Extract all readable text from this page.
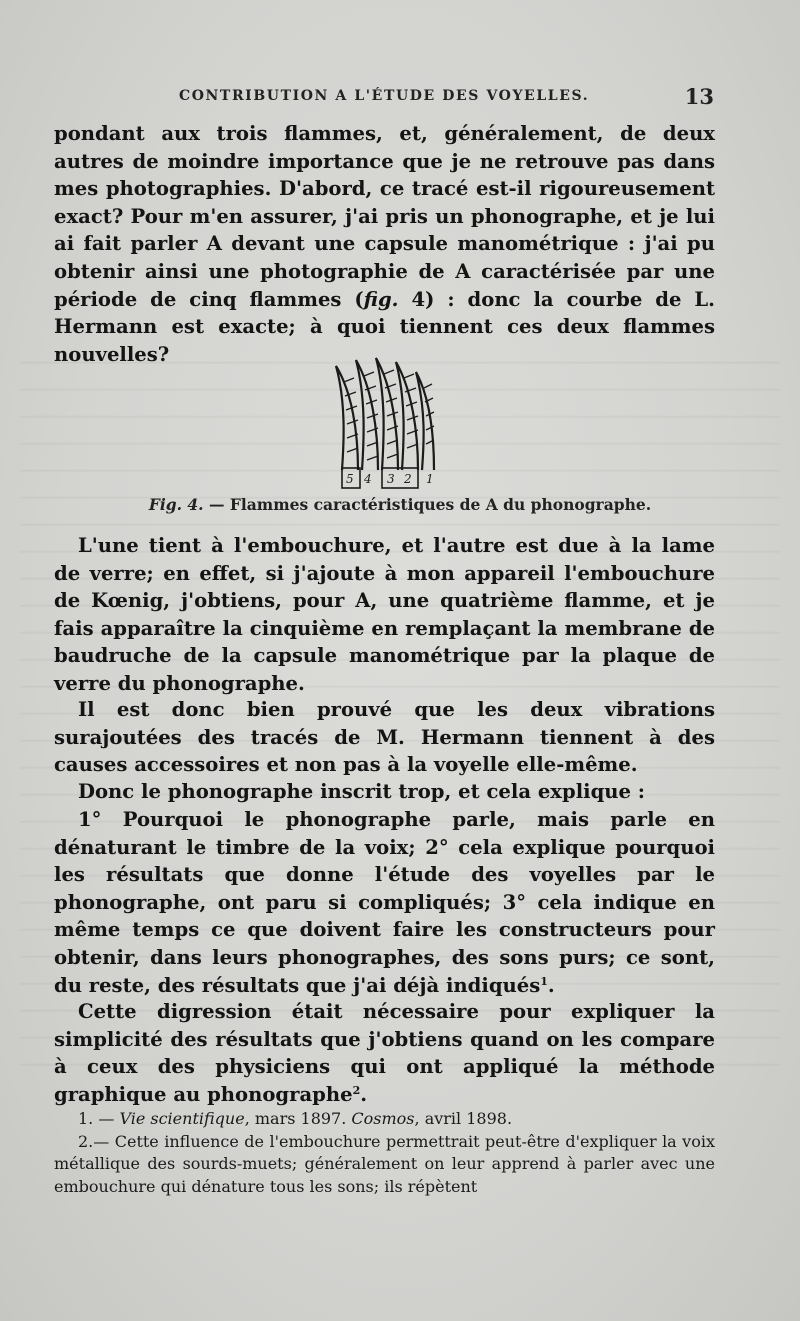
CONTRIBUTION A L'ÉTUDE DES VOYELLES.	13

pondant aux trois flammes, et, généralement, de deux autres de moindre importance que je ne retrouve pas dans mes photographies. D'abord, ce tracé est-il rigoureusement exact? Pour m'en assurer, j'ai pris un phonographe, et je lui ai fait parler A devant une capsule manométrique : j'ai pu obtenir ainsi une photographie de A caractérisée par une période de cinq flammes (fig. 4) : donc la courbe de L. Hermann est exacte; à quoi tiennent ces deux flammes nouvelles?

5 4 3 2 1
Fig. 4. — Flammes caractéristiques de A du phonographe.

L'une tient à l'embouchure, et l'autre est due à la lame de verre; en effet, si j'ajoute à mon appareil l'embouchure de Kœnig, j'obtiens, pour A, une quatrième flamme, et je fais apparaître la cinquième en remplaçant la membrane de baudruche de la capsule manométrique par la plaque de verre du phonographe.

Il est donc bien prouvé que les deux vibrations surajoutées des tracés de M. Hermann tiennent à des causes accessoires et non pas à la voyelle elle-même.

Donc le phonographe inscrit trop, et cela explique :

1° Pourquoi le phonographe parle, mais parle en dénaturant le timbre de la voix; 2° cela explique pourquoi les résultats que donne l'étude des voyelles par le phonographe, ont paru si compliqués; 3° cela indique en même temps ce que doivent faire les constructeurs pour obtenir, dans leurs phonographes, des sons purs; ce sont, du reste, des résultats que j'ai déjà indiqués$^1$.

Cette digression était nécessaire pour expliquer la simplicité des résultats que j'obtiens quand on les compare à ceux des physiciens qui ont appliqué la méthode graphique au phonographe$^2$.

1. — Vie scientifique, mars 1897. Cosmos, avril 1898.

2.— Cette influence de l'embouchure permettrait peut-être d'expliquer la voix métallique des sourds-muets; généralement on leur apprend à parler avec une embouchure qui dénature tous les sons; ils répètent
